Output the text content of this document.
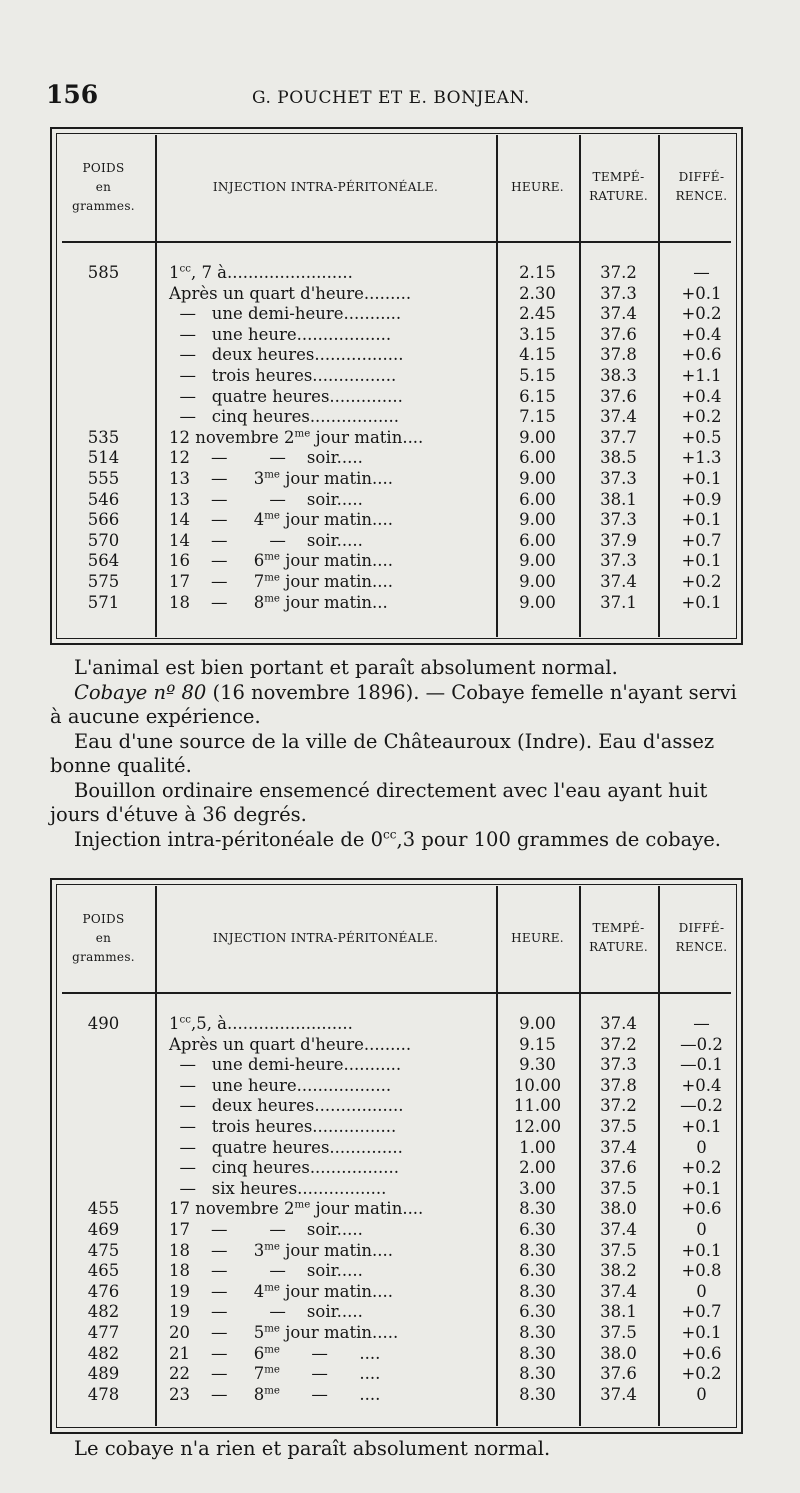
156	G. POUCHET ET E. BONJEAN.
POIDS
en
grammes.
INJECTION INTRA-PÉRITONÉALE.	HEURE.
TEMPÉ-
RATURE.
DIFFÉ-
RENCE.
585	$1^{cc}$, 7 à........................	2.15	37.2	—
Après un quart d'heure.........	2.30	37.3	+0.1
—   une demi-heure...........	2.45	37.4	+0.2
—   une heure..................	3.15	37.6	+0.4
—   deux heures.................	4.15	37.8	+0.6
—   trois heures................	5.15	38.3	+1.1
—   quatre heures..............	6.15	37.6	+0.4
—   cinq heures.................	7.15	37.4	+0.2
535	12 novembre $2^{me}$ jour matin....	9.00	37.7	+0.5
514	12    —        —    soir.....	6.00	38.5	+1.3
555	13    —     $3^{me}$ jour matin....	9.00	37.3	+0.1
546	13    —        —    soir.....	6.00	38.1	+0.9
566	14    —     $4^{me}$ jour matin....	9.00	37.3	+0.1
570	14    —        —    soir.....	6.00	37.9	+0.7
564	16    —     $6^{me}$ jour matin....	9.00	37.3	+0.1
575	17    —     $7^{me}$ jour matin....	9.00	37.4	+0.2
571	18    —     $8^{me}$ jour matin...	9.00	37.1	+0.1

L'animal est bien portant et paraît absolument normal.

Cobaye nº 80 (16 novembre 1896). — Cobaye femelle n'ayant servi à aucune expérience.

Eau d'une source de la ville de Châteauroux (Indre). Eau d'assez bonne qualité.

Bouillon ordinaire ensemencé directement avec l'eau ayant huit jours d'étuve à 36 degrés.

Injection intra-péritonéale de $0^{cc},3$ pour 100 grammes de cobaye.

POIDS
en
grammes.
INJECTION INTRA-PÉRITONÉALE.	HEURE.
TEMPÉ-
RATURE.
DIFFÉ-
RENCE.
490	$1^{cc},5$, à........................	9.00	37.4	—
Après un quart d'heure.........	9.15	37.2	—0.2
—   une demi-heure...........	9.30	37.3	—0.1
—   une heure..................	10.00	37.8	+0.4
—   deux heures.................	11.00	37.2	—0.2
—   trois heures................	12.00	37.5	+0.1
—   quatre heures..............	1.00	37.4	0
—   cinq heures.................	2.00	37.6	+0.2
—   six heures.................	3.00	37.5	+0.1
455	17 novembre $2^{me}$ jour matin....	8.30	38.0	+0.6
469	17    —        —    soir.....	6.30	37.4	0
475	18    —     $3^{me}$ jour matin....	8.30	37.5	+0.1
465	18    —        —    soir.....	6.30	38.2	+0.8
476	19    —     $4^{me}$ jour matin....	8.30	37.4	0
482	19    —        —    soir.....	6.30	38.1	+0.7
477	20    —     $5^{me}$ jour matin.....	8.30	37.5	+0.1
482	21    —     $6^{me}$      —      ....	8.30	38.0	+0.6
489	22    —     $7^{me}$      —      ....	8.30	37.6	+0.2
478	23    —     $8^{me}$      —      ....	8.30	37.4	0

Le cobaye n'a rien et paraît absolument normal.
